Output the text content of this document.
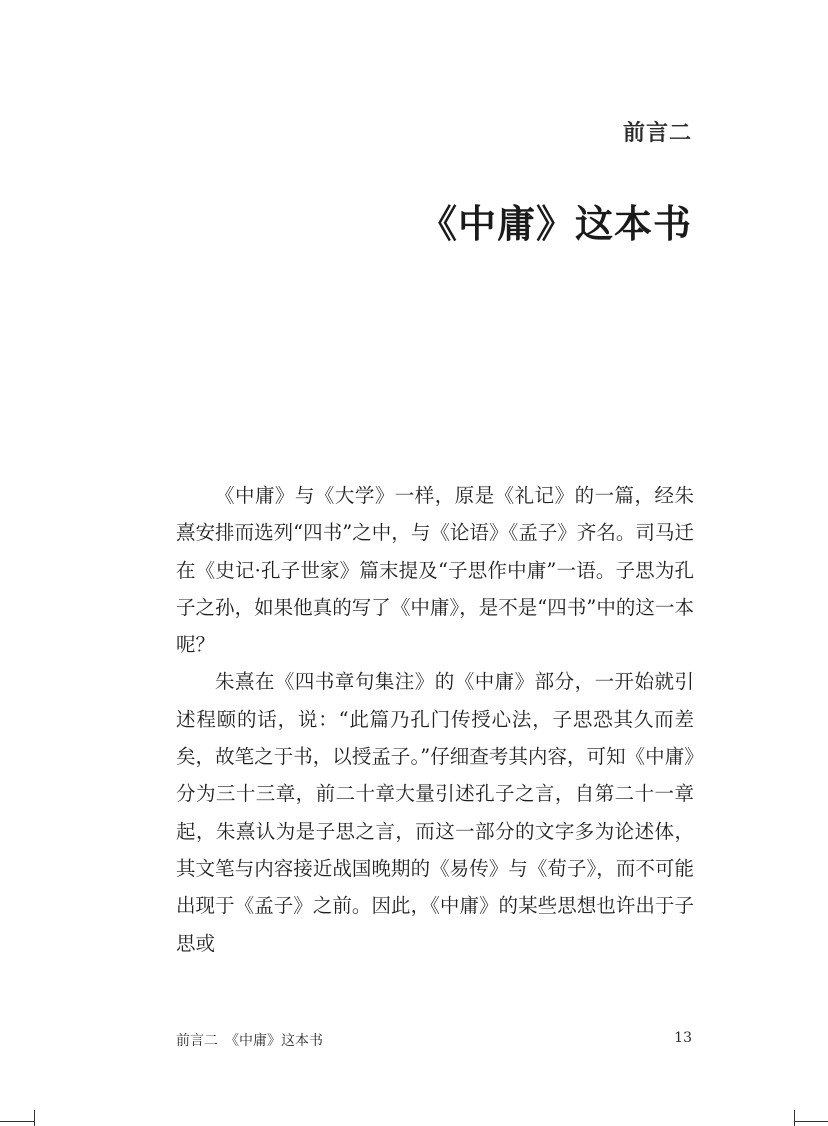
前言二
《中庸》这本书

《中庸》与《大学》一样，原是《礼记》的一篇，经朱熹安排而选列“四书”之中，与《论语》《孟子》齐名。司马迁在《史记·孔子世家》篇末提及“子思作中庸”一语。子思为孔子之孙，如果他真的写了《中庸》，是不是“四书”中的这一本呢？

朱熹在《四书章句集注》的《中庸》部分，一开始就引述程颐的话，说：“此篇乃孔门传授心法，子思恐其久而差矣，故笔之于书，以授孟子。”仔细查考其内容，可知《中庸》分为三十三章，前二十章大量引述孔子之言，自第二十一章起，朱熹认为是子思之言，而这一部分的文字多为论述体，其文笔与内容接近战国晚期的《易传》与《荀子》，而不可能出现于《孟子》之前。因此，《中庸》的某些思想也许出于子思或

前言二　《中庸》这本书	13
